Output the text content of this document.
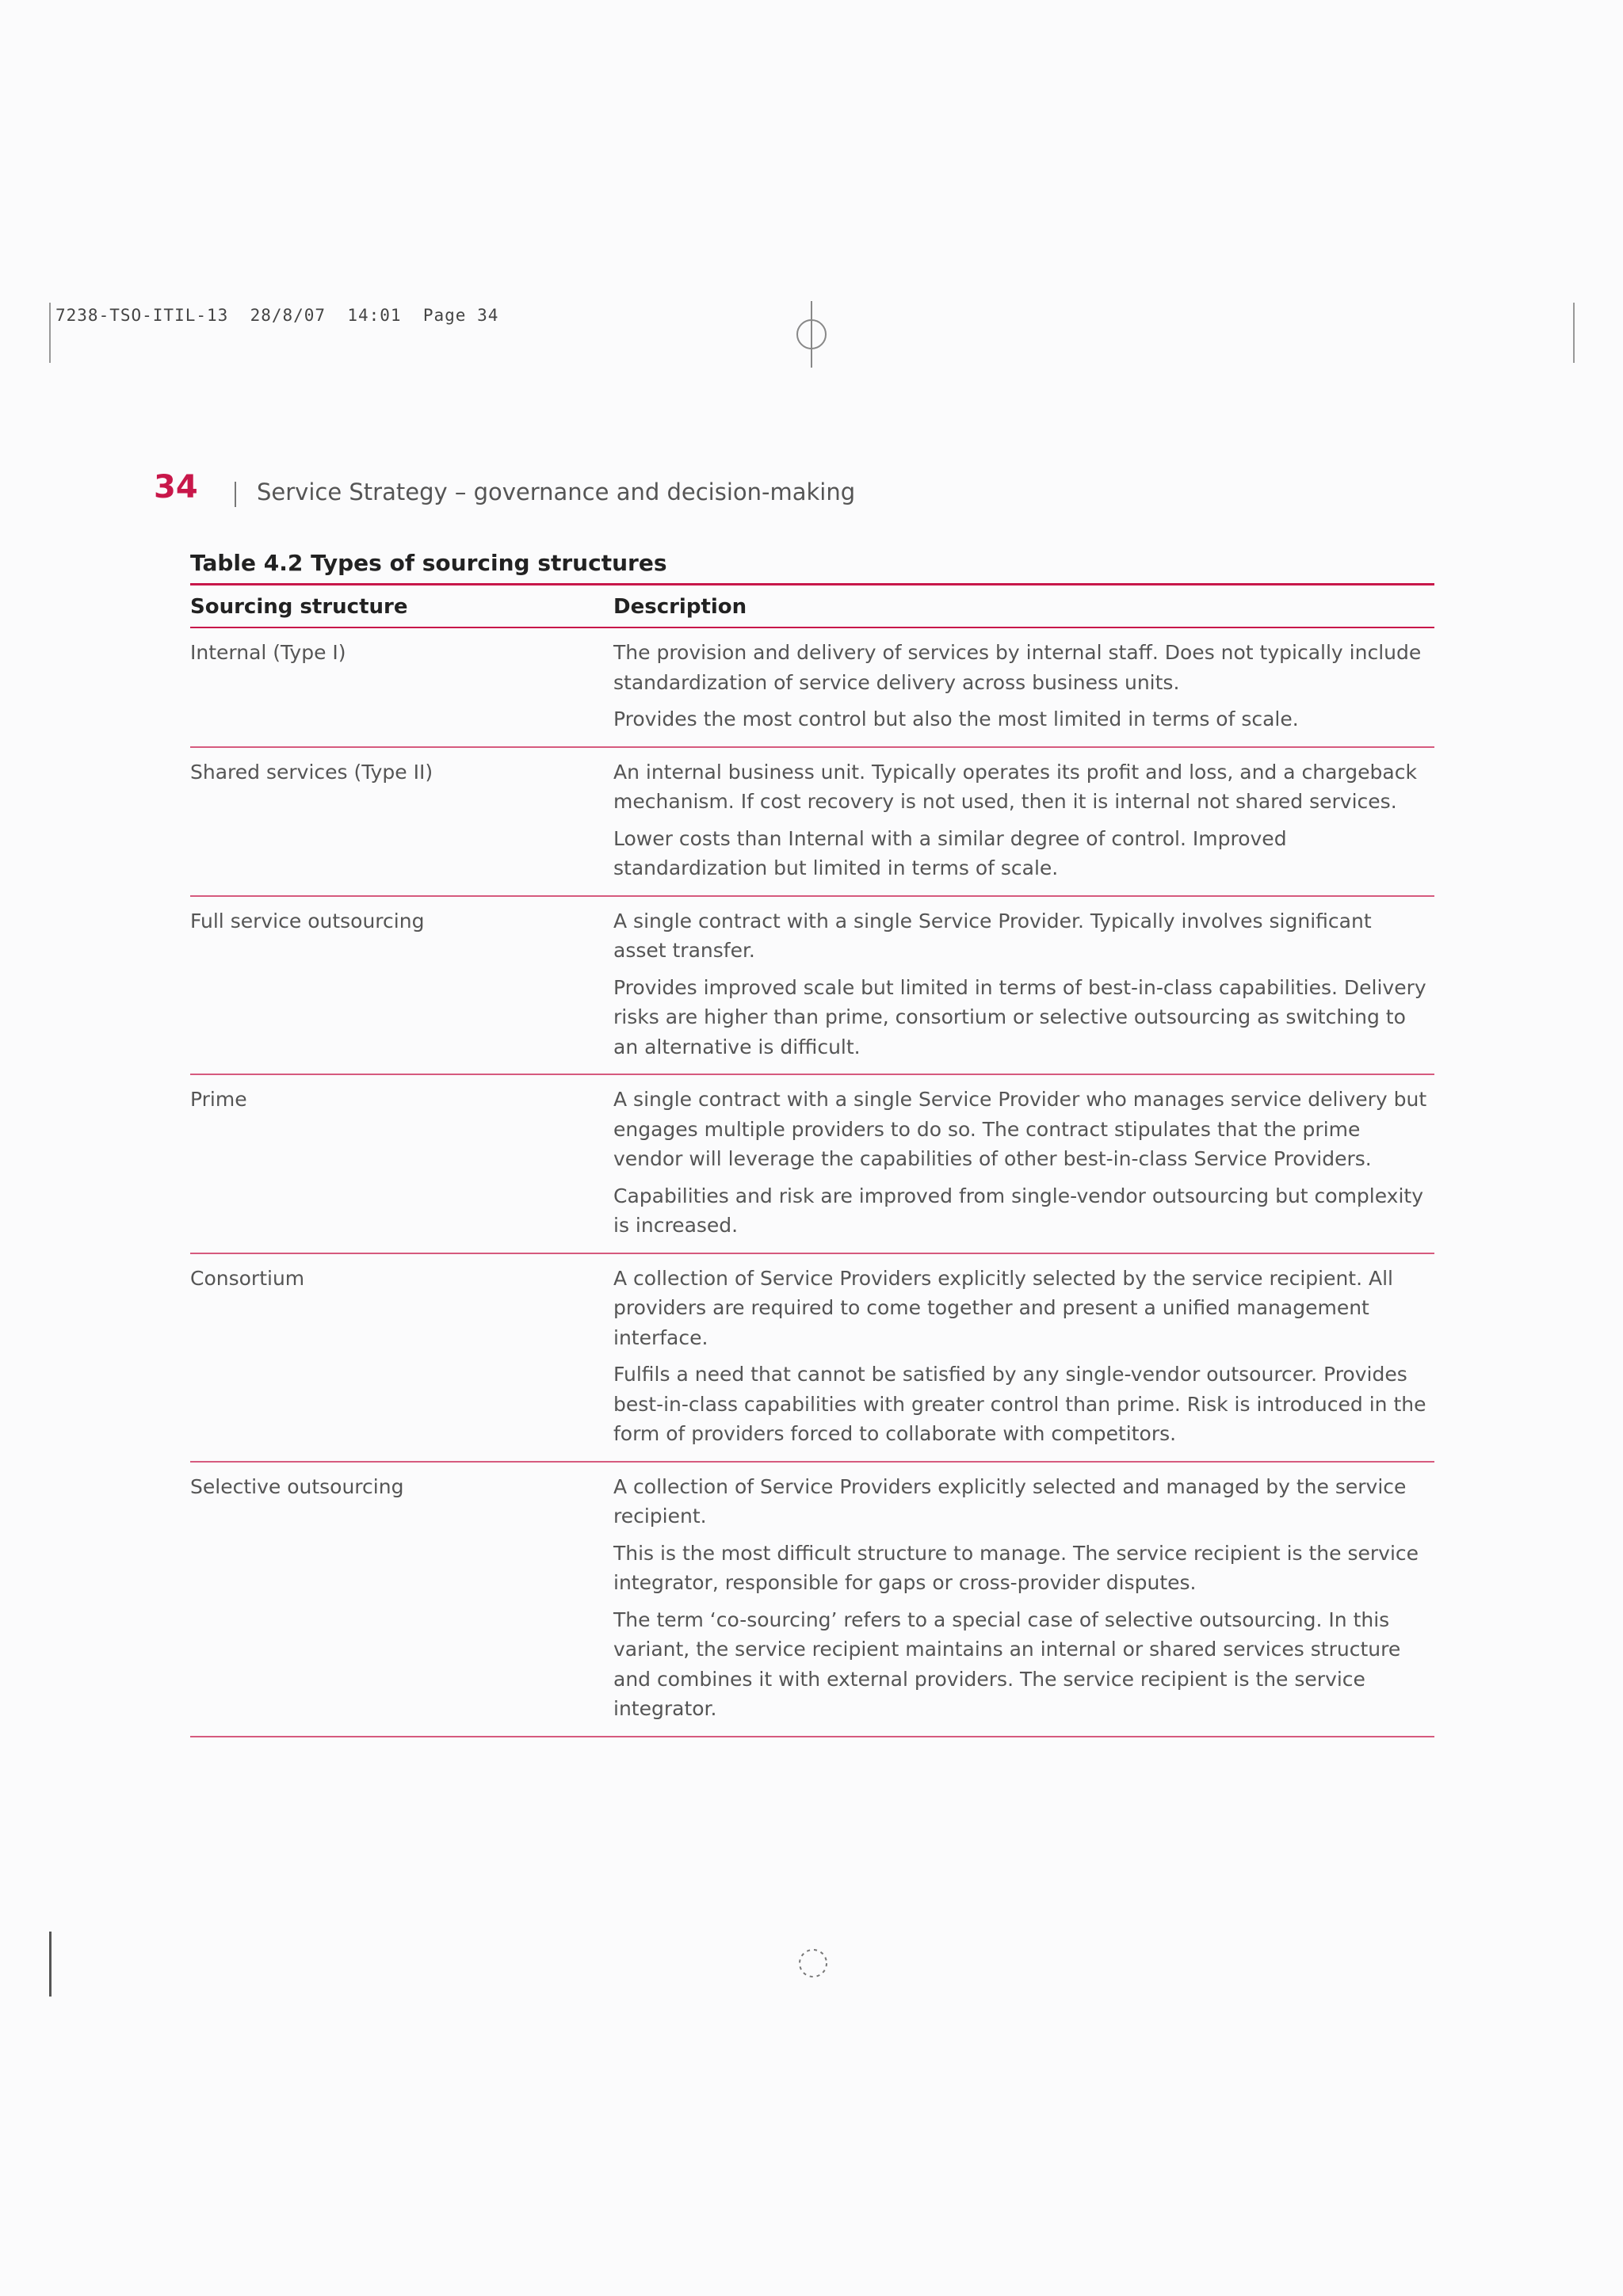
7238-TSO-ITIL-13  28/8/07  14:01  Page 34
34	Service Strategy – governance and decision-making
Table 4.2 Types of sourcing structures
Sourcing structure	Description
Internal (Type I)	The provision and delivery of services by internal staff. Does not typically include standardization of service delivery across business units.

Provides the most control but also the most limited in terms of scale.

Shared services (Type II)	An internal business unit. Typically operates its profit and loss, and a chargeback mechanism. If cost recovery is not used, then it is internal not shared services.

Lower costs than Internal with a similar degree of control. Improved standardization but limited in terms of scale.

Full service outsourcing	A single contract with a single Service Provider. Typically involves significant asset transfer.

Provides improved scale but limited in terms of best-in-class capabilities. Delivery risks are higher than prime, consortium or selective outsourcing as switching to an alternative is difficult.

Prime	A single contract with a single Service Provider who manages service delivery but engages multiple providers to do so. The contract stipulates that the prime vendor will leverage the capabilities of other best-in-class Service Providers.

Capabilities and risk are improved from single-vendor outsourcing but complexity is increased.

Consortium	A collection of Service Providers explicitly selected by the service recipient. All providers are required to come together and present a unified management interface.

Fulfils a need that cannot be satisfied by any single-vendor outsourcer. Provides best-in-class capabilities with greater control than prime. Risk is introduced in the form of providers forced to collaborate with competitors.

Selective outsourcing	A collection of Service Providers explicitly selected and managed by the service recipient.

This is the most difficult structure to manage. The service recipient is the service integrator, responsible for gaps or cross-provider disputes.

The term ‘co-sourcing’ refers to a special case of selective outsourcing. In this variant, the service recipient maintains an internal or shared services structure and combines it with external providers. The service recipient is the service integrator.
